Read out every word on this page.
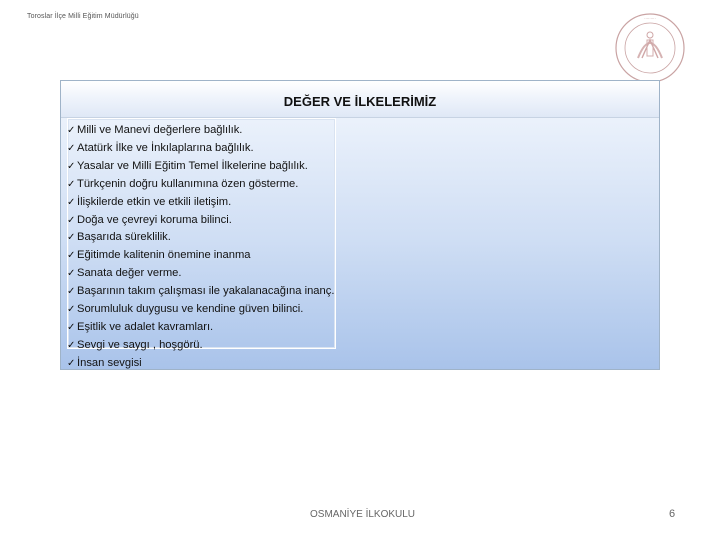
Toroslar İlçe Milli Eğitim Müdürlüğü	·········
DEĞER VE İLKELERİMİZ
✓ Milli ve Manevi değerlere bağlılık.
✓ Atatürk İlke ve İnkılaplarına bağlılık.
✓ Yasalar ve Milli Eğitim Temel İlkelerine bağlılık.
✓ Türkçenin doğru kullanımına özen gösterme.
✓ İlişkilerde etkin ve etkili iletişim.
✓ Doğa ve çevreyi koruma bilinci.
✓ Başarıda süreklilik.
✓ Eğitimde kalitenin önemine inanma
✓ Sanata değer verme.
✓ Başarının takım çalışması ile yakalanacağına inanç.
✓ Sorumluluk duygusu ve kendine güven bilinci.
✓ Eşitlik ve adalet kavramları.
✓ Sevgi ve saygı , hoşgörü.
✓ İnsan sevgisi
OSMANİYE İLKOKULU	6
